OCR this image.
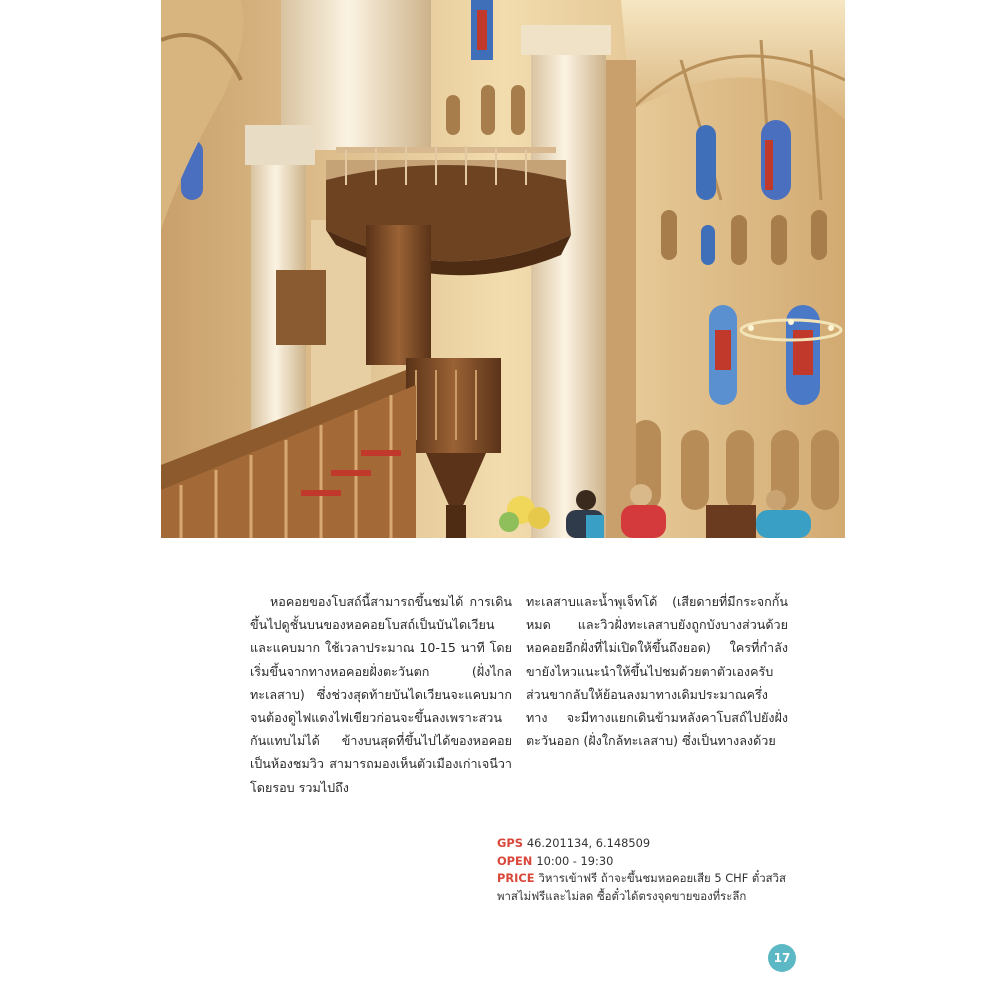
หอคอยของโบสถ์นี้สามารถขึ้นชมได้ การเดินขึ้นไปดูชั้นบนของหอคอยโบสถ์เป็นบันไดเวียนและแคบมาก ใช้เวลาประมาณ 10-15 นาที โดยเริ่มขึ้นจากทางหอคอยฝั่งตะวันตก (ฝั่งไกลทะเลสาบ) ซึ่งช่วงสุดท้ายบันไดเวียนจะแคบมากจนต้องดูไฟแดงไฟเขียวก่อนจะขึ้นลงเพราะสวนกันแทบไม่ได้ ข้างบนสุดที่ขึ้นไปได้ของหอคอยเป็นห้องชมวิว สามารถมองเห็นตัวเมืองเก่าเจนีวาโดยรอบ รวมไปถึง
ทะเลสาบและน้ำพุเจ็ทโด้ (เสียดายที่มีกระจกกั้นหมด และวิวฝั่งทะเลสาบยังถูกบังบางส่วนด้วยหอคอยอีกฝั่งที่ไม่เปิดให้ขึ้นถึงยอด) ใครที่กำลังขายังไหวแนะนำให้ขึ้นไปชมด้วยตาตัวเองครับ ส่วนขากลับให้ย้อนลงมาทางเดิมประมาณครึ่งทาง จะมีทางแยกเดินข้ามหลังคาโบสถ์ไปยังฝั่งตะวันออก (ฝั่งใกล้ทะเลสาบ) ซึ่งเป็นทางลงด้วย

GPS 46.201134, 6.148509

OPEN 10:00 - 19:30

PRICE วิหารเข้าฟรี ถ้าจะขึ้นชมหอคอยเสีย 5 CHF ตั๋วสวิสพาสไม่ฟรีและไม่ลด ซื้อตั๋วได้ตรงจุดขายของที่ระลึก

17
